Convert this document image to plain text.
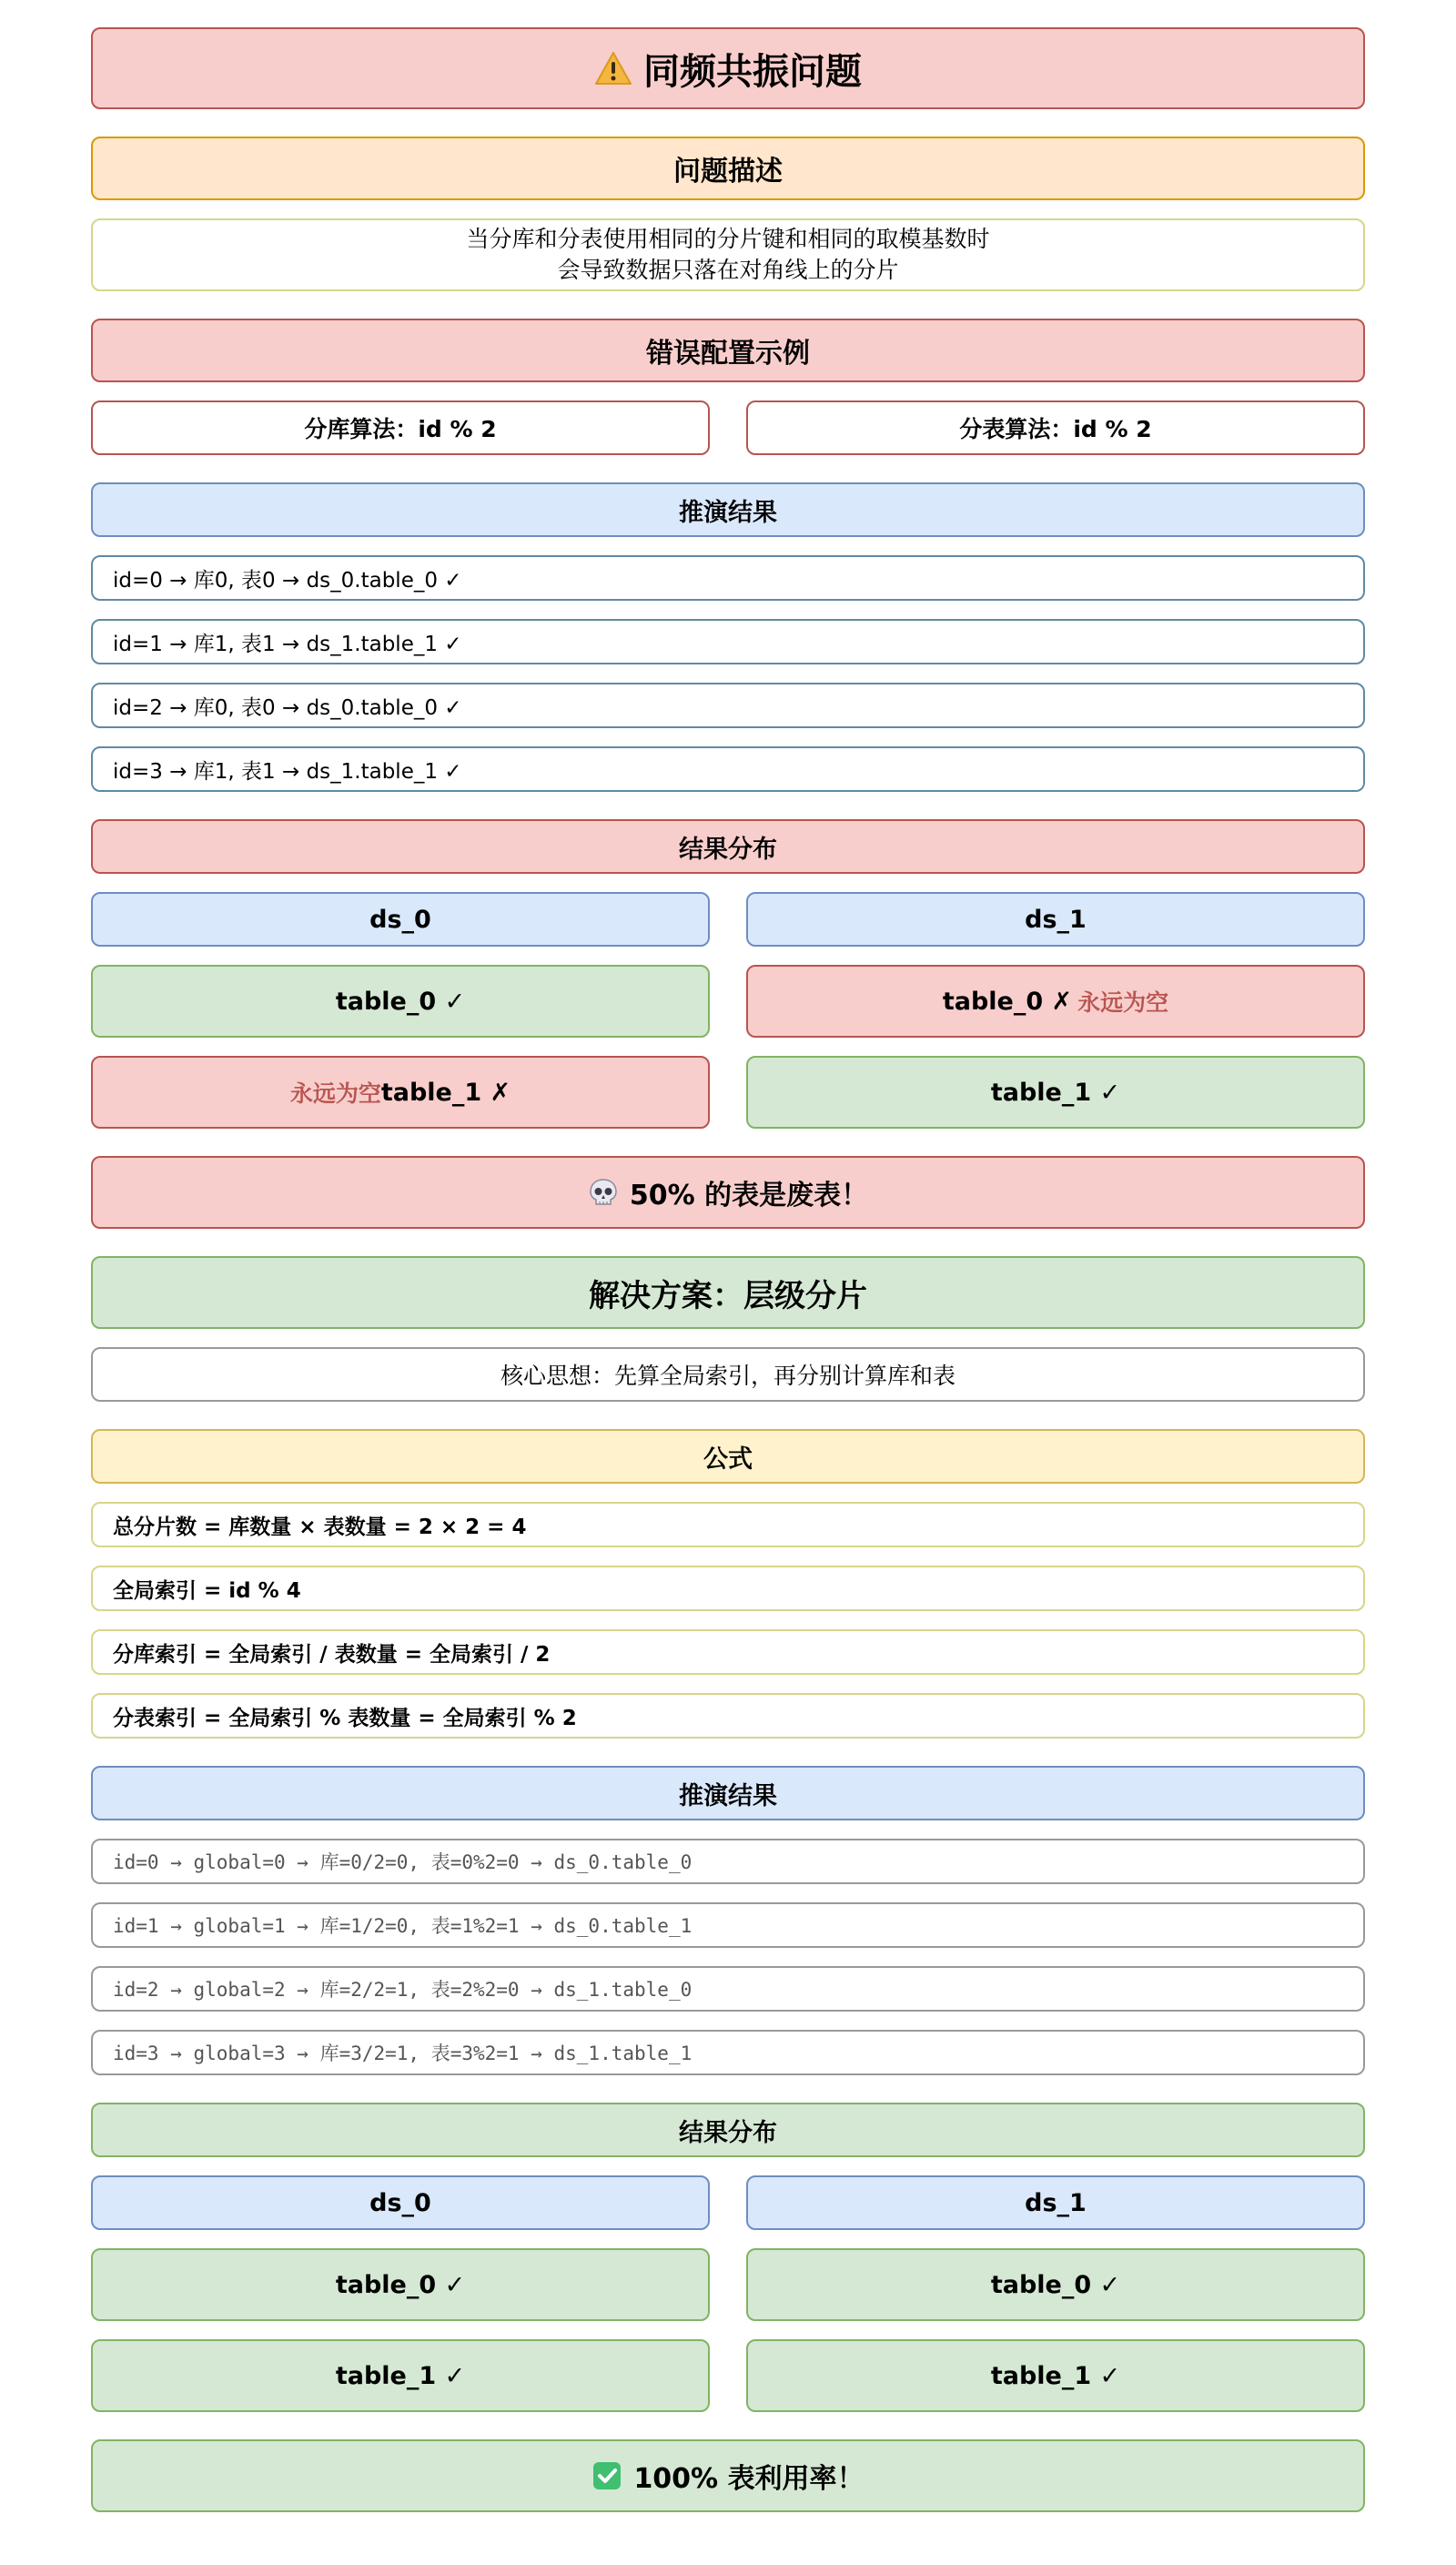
同频共振问题
问题描述
当分库和分表使用相同的分片键和相同的取模基数时
会导致数据只落在对角线上的分片
错误配置示例
分库算法：id % 2	分表算法：id % 2
推演结果
id=0 → 库0, 表0 → ds_0.table_0 ✓
id=1 → 库1, 表1 → ds_1.table_1 ✓
id=2 → 库0, 表0 → ds_0.table_0 ✓
id=3 → 库1, 表1 → ds_1.table_1 ✓
结果分布
ds_0	ds_1
table_0 ✓	table_0 ✗ 永远为空
永远为空 table_1 ✗	table_1 ✓
50% 的表是废表！
解决方案：层级分片
核心思想：先算全局索引，再分别计算库和表
公式
总分片数 = 库数量 × 表数量 = 2 × 2 = 4
全局索引 = id % 4
分库索引 = 全局索引 / 表数量 = 全局索引 / 2
分表索引 = 全局索引 % 表数量 = 全局索引 % 2
推演结果
id=0 → global=0 → 库=0/2=0, 表=0%2=0 → ds_0.table_0
id=1 → global=1 → 库=1/2=0, 表=1%2=1 → ds_0.table_1
id=2 → global=2 → 库=2/2=1, 表=2%2=0 → ds_1.table_0
id=3 → global=3 → 库=3/2=1, 表=3%2=1 → ds_1.table_1
结果分布
ds_0	ds_1
table_0 ✓	table_0 ✓
table_1 ✓	table_1 ✓
100% 表利用率！
